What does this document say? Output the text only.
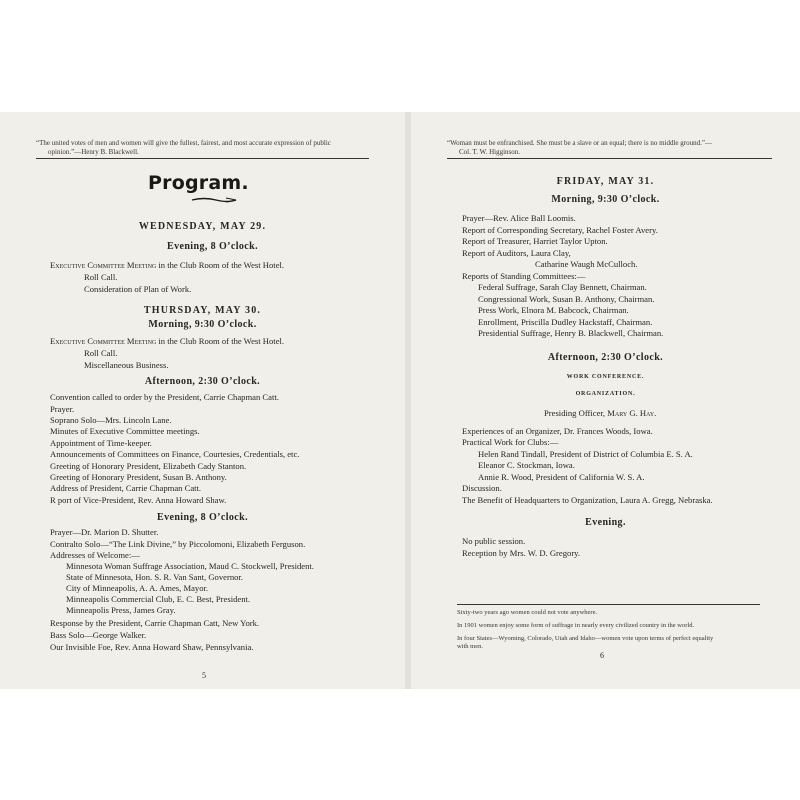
“The united votes of men and women will give the fullest, fairest, and most accurate expression of public
opinion.”—Henry B. Blackwell.
Program.
WEDNESDAY, MAY 29.
Evening, 8 O’clock.
Executive Committee Meeting in the Club Room of the West Hotel.
Roll Call.
Consideration of Plan of Work.
THURSDAY, MAY 30.
Morning, 9:30 O’clock.
Executive Committee Meeting in the Club Room of the West Hotel.
Roll Call.
Miscellaneous Business.
Afternoon, 2:30 O’clock.
Convention called to order by the President, Carrie Chapman Catt.
Prayer.
Soprano Solo—Mrs. Lincoln Lane.
Minutes of Executive Committee meetings.
Appointment of Time-keeper.
Announcements of Committees on Finance, Courtesies, Credentials, etc.
Greeting of Honorary President, Elizabeth Cady Stanton.
Greeting of Honorary President, Susan B. Anthony.
Address of President, Carrie Chapman Catt.
R port of Vice-President, Rev. Anna Howard Shaw.
Evening, 8 O’clock.
Prayer—Dr. Marion D. Shutter.
Contralto Solo—“The Link Divine,” by Piccolomoni, Elizabeth Ferguson.
Addresses of Welcome:—
Minnesota Woman Suffrage Association, Maud C. Stockwell, President.
State of Minnesota, Hon. S. R. Van Sant, Governor.
City of Minneapolis, A. A. Ames, Mayor.
Minneapolis Commercial Club, E. C. Best, President.
Minneapolis Press, James Gray.
Response by the President, Carrie Chapman Catt, New York.
Bass Solo—George Walker.
Our Invisible Foe, Rev. Anna Howard Shaw, Pennsylvania.
5
“Woman must be enfranchised. She must be a slave or an equal; there is no middle ground.”—
Col. T. W. Higginson.
FRIDAY, MAY 31.
Morning, 9:30 O’clock.
Prayer—Rev. Alice Ball Loomis.
Report of Corresponding Secretary, Rachel Foster Avery.
Report of Treasurer, Harriet Taylor Upton.
Report of Auditors, Laura Clay,
Catharine Waugh McCulloch.
Reports of Standing Committees:—
Federal Suffrage, Sarah Clay Bennett, Chairman.
Congressional Work, Susan B. Anthony, Chairman.
Press Work, Elnora M. Babcock, Chairman.
Enrollment, Priscilla Dudley Hackstaff, Chairman.
Presidential Suffrage, Henry B. Blackwell, Chairman.
Afternoon, 2:30 O’clock.
WORK CONFERENCE.
ORGANIZATION.
Presiding Officer, Mary G. Hay.
Experiences of an Organizer, Dr. Frances Woods, Iowa.
Practical Work for Clubs:—
Helen Rand Tindall, President of District of Columbia E. S. A.
Eleanor C. Stockman, Iowa.
Annie R. Wood, President of California W. S. A.
Discussion.
The Benefit of Headquarters to Organization, Laura A. Gregg, Nebraska.
Evening.
No public session.
Reception by Mrs. W. D. Gregory.
Sixty-two years ago women could not vote anywhere.
In 1901 women enjoy some form of suffrage in nearly every civilized country in the world.
In four States—Wyoming, Colorado, Utah and Idaho—women vote upon terms of perfect equality
with men.
6
